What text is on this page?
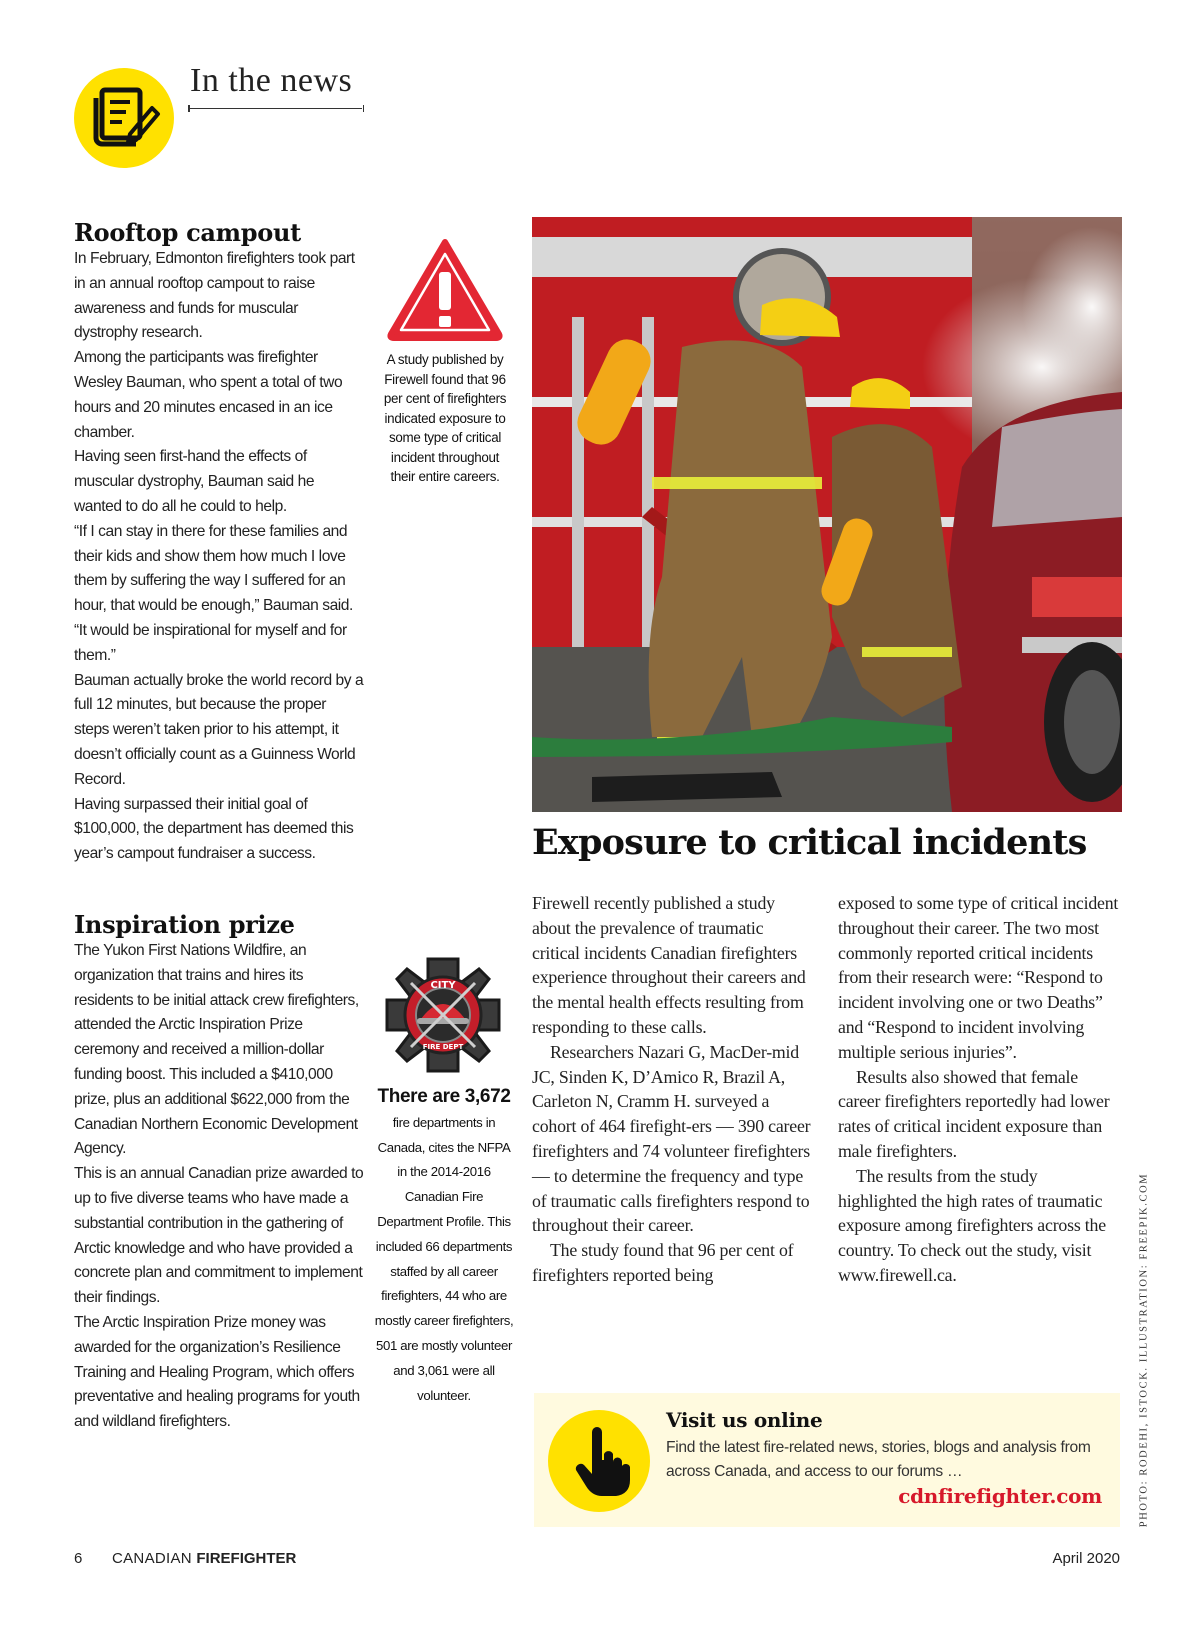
In the news
Rooftop campout

In February, Edmonton firefighters took part in an annual rooftop campout to raise awareness and funds for muscular dystrophy research.

Among the participants was firefighter Wesley Bauman, who spent a total of two hours and 20 minutes encased in an ice chamber.

Having seen first-hand the effects of muscular dystrophy, Bauman said he wanted to do all he could to help.

“If I can stay in there for these families and their kids and show them how much I love them by suffering the way I suffered for an hour, that would be enough,” Bauman said. “It would be inspirational for myself and for them.”

Bauman actually broke the world record by a full 12 minutes, but because the proper steps weren’t taken prior to his attempt, it doesn’t officially count as a Guinness World Record.

Having surpassed their initial goal of $100,000, the department has deemed this year’s campout fundraiser a success.

Inspiration prize

The Yukon First Nations Wildfire, an organization that trains and hires its residents to be initial attack crew firefighters, attended the Arctic Inspiration Prize ceremony and received a million-dollar funding boost. This included a $410,000 prize, plus an additional $622,000 from the Canadian Northern Economic Development Agency.

This is an annual Canadian prize awarded to up to five diverse teams who have made a substantial contribution in the gathering of Arctic knowledge and who have provided a concrete plan and commitment to implement their findings.

The Arctic Inspiration Prize money was awarded for the organization’s Resilience Training and Healing Program, which offers preventative and healing programs for youth and wildland firefighters.

A study published by Firewell found that 96 per cent of firefighters indicated exposure to some type of critical incident throughout their entire careers.
CITY
FIRE DEPT
There are 3,672 fire departments in Canada, cites the NFPA in the 2014-2016 Canadian Fire Department Profile. This included 66 departments staffed by all career firefighters, 44 who are mostly career firefighters, 501 are mostly volunteer and 3,061 were all volunteer.	PHOTO: RODEHI, ISTOCK. ILLUSTRATION: FREEPIK.COM
Exposure to critical incidents

Firewell recently published a study about the prevalence of traumatic critical incidents Canadian firefighters experience throughout their careers and the mental health effects resulting from responding to these calls.

Researchers Nazari G, MacDer-mid JC, Sinden K, D’Amico R, Brazil A, Carleton N, Cramm H. surveyed a cohort of 464 firefight-ers — 390 career firefighters and 74 volunteer firefighters — to determine the frequency and type of traumatic calls firefighters respond to throughout their career.

The study found that 96 per cent of firefighters reported being

exposed to some type of critical incident throughout their career. The two most commonly reported critical incidents from their research were: “Respond to incident involving one or two Deaths” and “Respond to incident involving multiple serious injuries”.

Results also showed that female career firefighters reportedly had lower rates of critical incident exposure than male firefighters.

The results from the study highlighted the high rates of traumatic exposure among firefighters across the country. To check out the study, visit www.firewell.ca.

Visit us online
Find the latest fire-related news, stories, blogs and analysis from across Canada, and access to our forums …
cdnfirefighter.com
6 CANADIAN FIREFIGHTER	April 2020
